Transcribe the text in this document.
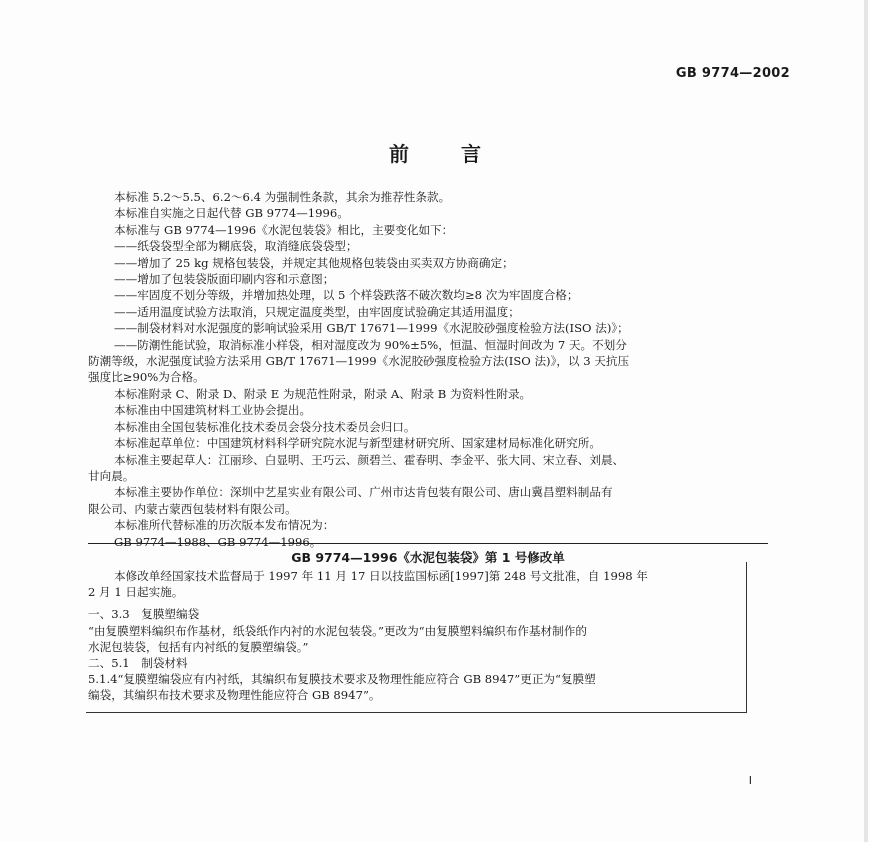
GB 9774—2002
前言

本标准 5.2～5.5、6.2～6.4 为强制性条款，其余为推荐性条款。

本标准自实施之日起代替 GB 9774—1996。

本标准与 GB 9774—1996《水泥包装袋》相比，主要变化如下：

——纸袋袋型全部为糊底袋，取消缝底袋袋型；

——增加了 25 kg 规格包装袋，并规定其他规格包装袋由买卖双方协商确定；

——增加了包装袋版面印刷内容和示意图；

——牢固度不划分等级，并增加热处理，以 5 个样袋跌落不破次数均≥8 次为牢固度合格；

——适用温度试验方法取消，只规定温度类型，由牢固度试验确定其适用温度；

——制袋材料对水泥强度的影响试验采用 GB/T 17671—1999《水泥胶砂强度检验方法(ISO 法)》；

——防潮性能试验，取消标准小样袋，相对湿度改为 90%±5%，恒温、恒湿时间改为 7 天。不划分

防潮等级，水泥强度试验方法采用 GB/T 17671—1999《水泥胶砂强度检验方法(ISO 法)》，以 3 天抗压

强度比≥90%为合格。

本标准附录 C、附录 D、附录 E 为规范性附录，附录 A、附录 B 为资料性附录。

本标准由中国建筑材料工业协会提出。

本标准由全国包装标准化技术委员会袋分技术委员会归口。

本标准起草单位：中国建筑材料科学研究院水泥与新型建材研究所、国家建材局标准化研究所。

本标准主要起草人：江丽珍、白显明、王巧云、颜碧兰、霍春明、李金平、张大同、宋立春、刘晨、

甘向晨。

本标准主要协作单位：深圳中艺星实业有限公司、广州市达肯包装有限公司、唐山冀昌塑料制品有

限公司、内蒙古蒙西包装材料有限公司。

本标准所代替标准的历次版本发布情况为：

GB 9774—1988、GB 9774—1996。

GB 9774—1996《水泥包装袋》第 1 号修改单

本修改单经国家技术监督局于 1997 年 11 月 17 日以技监国标函[1997]第 248 号文批准，自 1998 年

2 月 1 日起实施。

一、3.3　复膜塑编袋

“由复膜塑料编织布作基材，纸袋纸作内衬的水泥包装袋。”更改为“由复膜塑料编织布作基材制作的

水泥包装袋，包括有内衬纸的复膜塑编袋。”

二、5.1　制袋材料

5.1.4“复膜塑编袋应有内衬纸，其编织布复膜技术要求及物理性能应符合 GB 8947”更正为“复膜塑

编袋，其编织布技术要求及物理性能应符合 GB 8947”。

I
